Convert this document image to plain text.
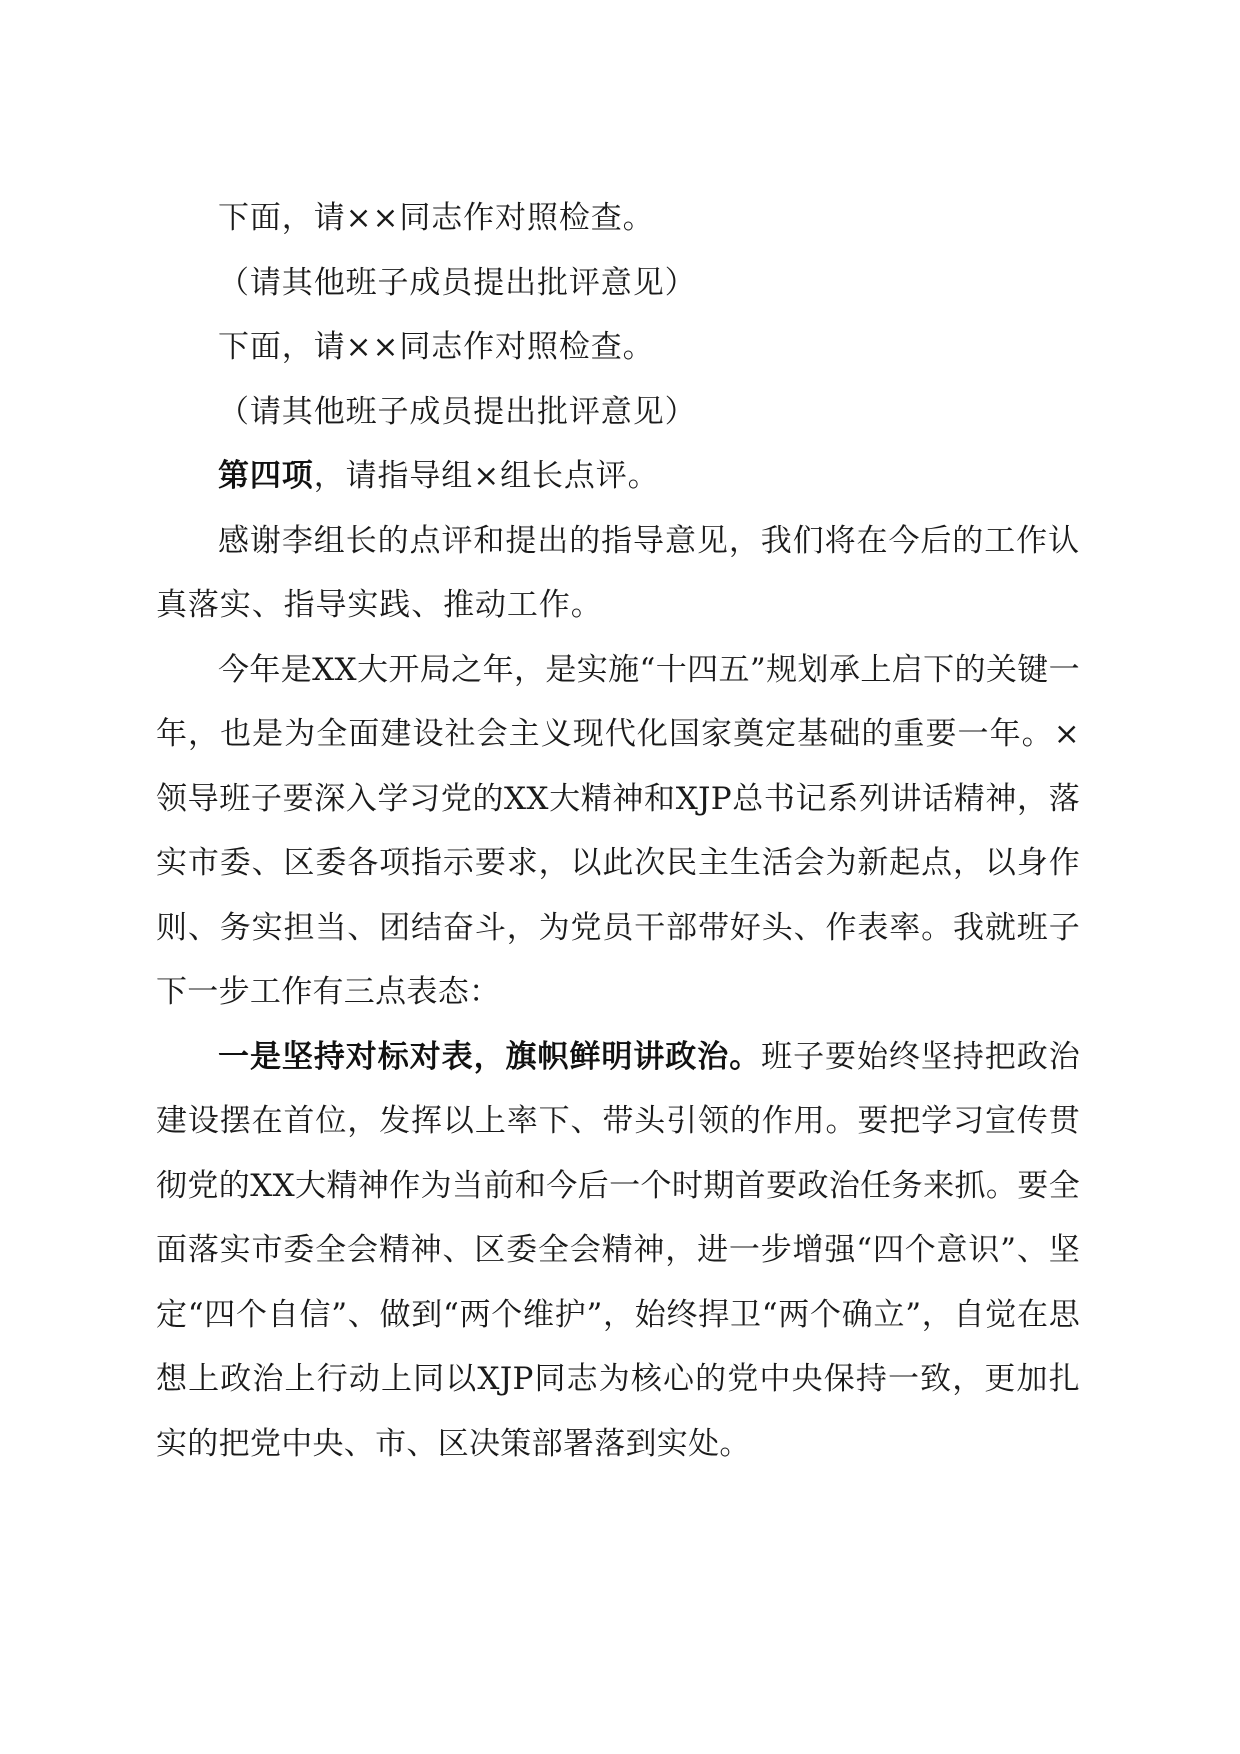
下面，请××同志作对照检查。

（请其他班子成员提出批评意见）

下面，请××同志作对照检查。

（请其他班子成员提出批评意见）

第四项，请指导组×组长点评。

感谢李组长的点评和提出的指导意见，我们将在今后的工作认真落实、指导实践、推动工作。

今年是XX大开局之年，是实施“十四五”规划承上启下的关键一年，也是为全面建设社会主义现代化国家奠定基础的重要一年。×领导班子要深入学习党的XX大精神和XJP总书记系列讲话精神，落实市委、区委各项指示要求，以此次民主生活会为新起点，以身作则、务实担当、团结奋斗，为党员干部带好头、作表率。我就班子下一步工作有三点表态：

一是坚持对标对表，旗帜鲜明讲政治。班子要始终坚持把政治建设摆在首位，发挥以上率下、带头引领的作用。要把学习宣传贯彻党的XX大精神作为当前和今后一个时期首要政治任务来抓。要全面落实市委全会精神、区委全会精神，进一步增强“四个意识”、坚定“四个自信”、做到“两个维护”，始终捍卫“两个确立”，自觉在思想上政治上行动上同以XJP同志为核心的党中央保持一致，更加扎实的把党中央、市、区决策部署落到实处。
